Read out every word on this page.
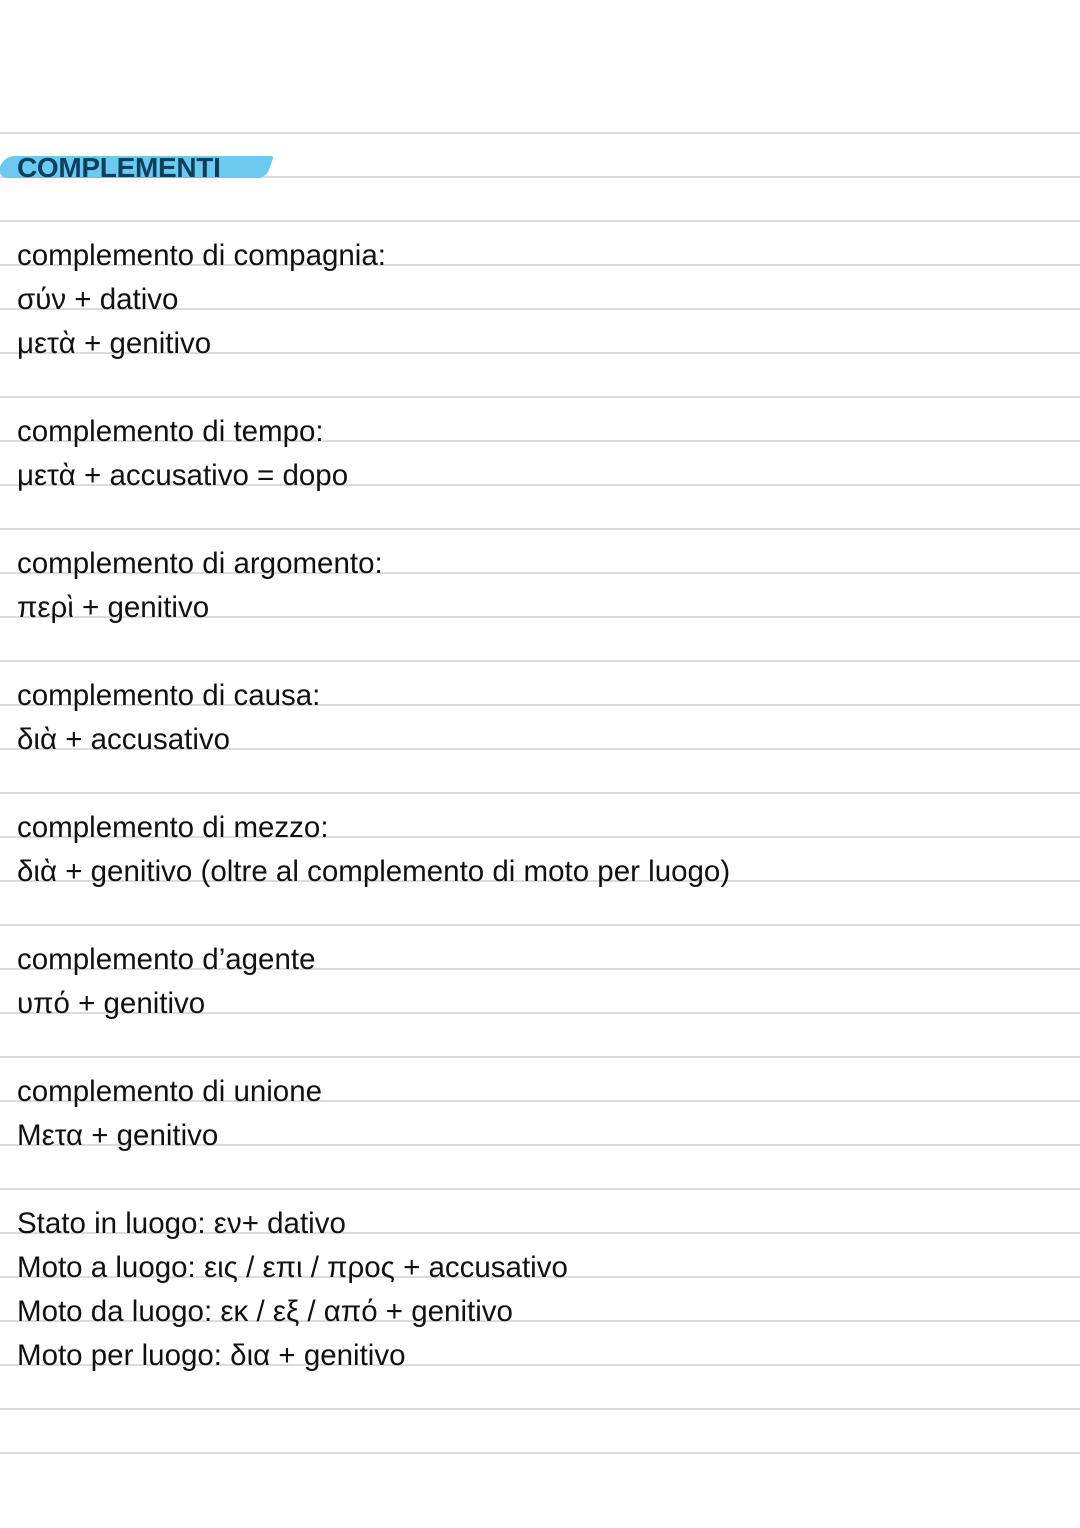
COMPLEMENTI
complemento di compagnia:
σύν + dativo
μετὰ + genitivo
complemento di tempo:
μετὰ + accusativo = dopo
complemento di argomento:
περὶ + genitivo
complemento di causa:
διὰ + accusativo
complemento di mezzo:
διὰ + genitivo (oltre al complemento di moto per luogo)
complemento d’agente
υπό + genitivo
complemento di unione
Μετα + genitivo
Stato in luogo: εν+ dativo
Moto a luogo: εις / επι / προς + accusativo
Moto da luogo: εκ / εξ / από + genitivo
Moto per luogo: δια + genitivo
